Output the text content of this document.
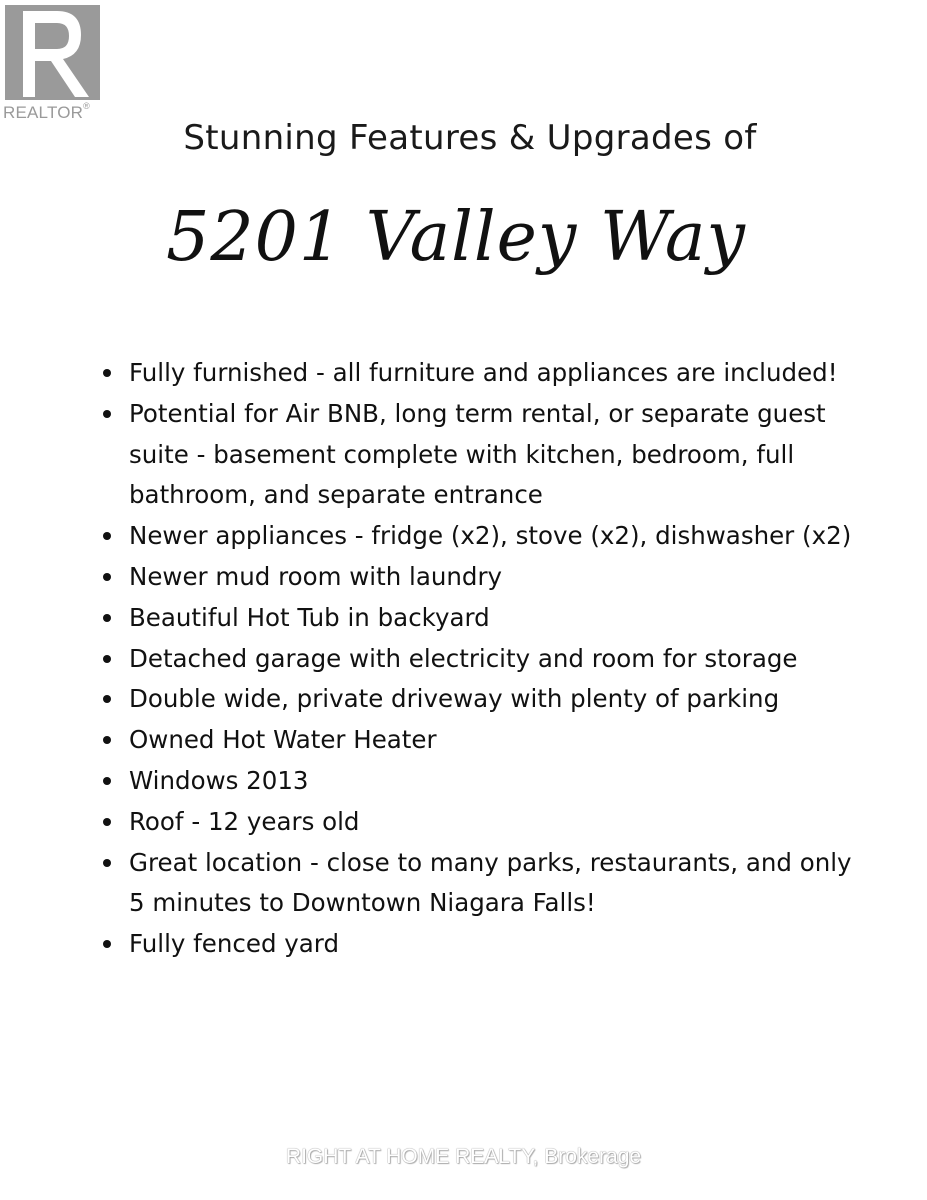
REALTOR®
Stunning Features & Upgrades of
5201 Valley Way
Fully furnished - all furniture and appliances are included!
Potential for Air BNB, long term rental, or separate guest suite - basement complete with kitchen, bedroom, full bathroom, and separate entrance
Newer appliances - fridge (x2), stove (x2), dishwasher (x2)
Newer mud room with laundry
Beautiful Hot Tub in backyard
Detached garage with electricity and room for storage
Double wide, private driveway with plenty of parking
Owned Hot Water Heater
Windows 2013
Roof - 12 years old
Great location - close to many parks, restaurants, and only 5 minutes to Downtown Niagara Falls!
Fully fenced yard
RIGHT AT HOME REALTY, Brokerage
